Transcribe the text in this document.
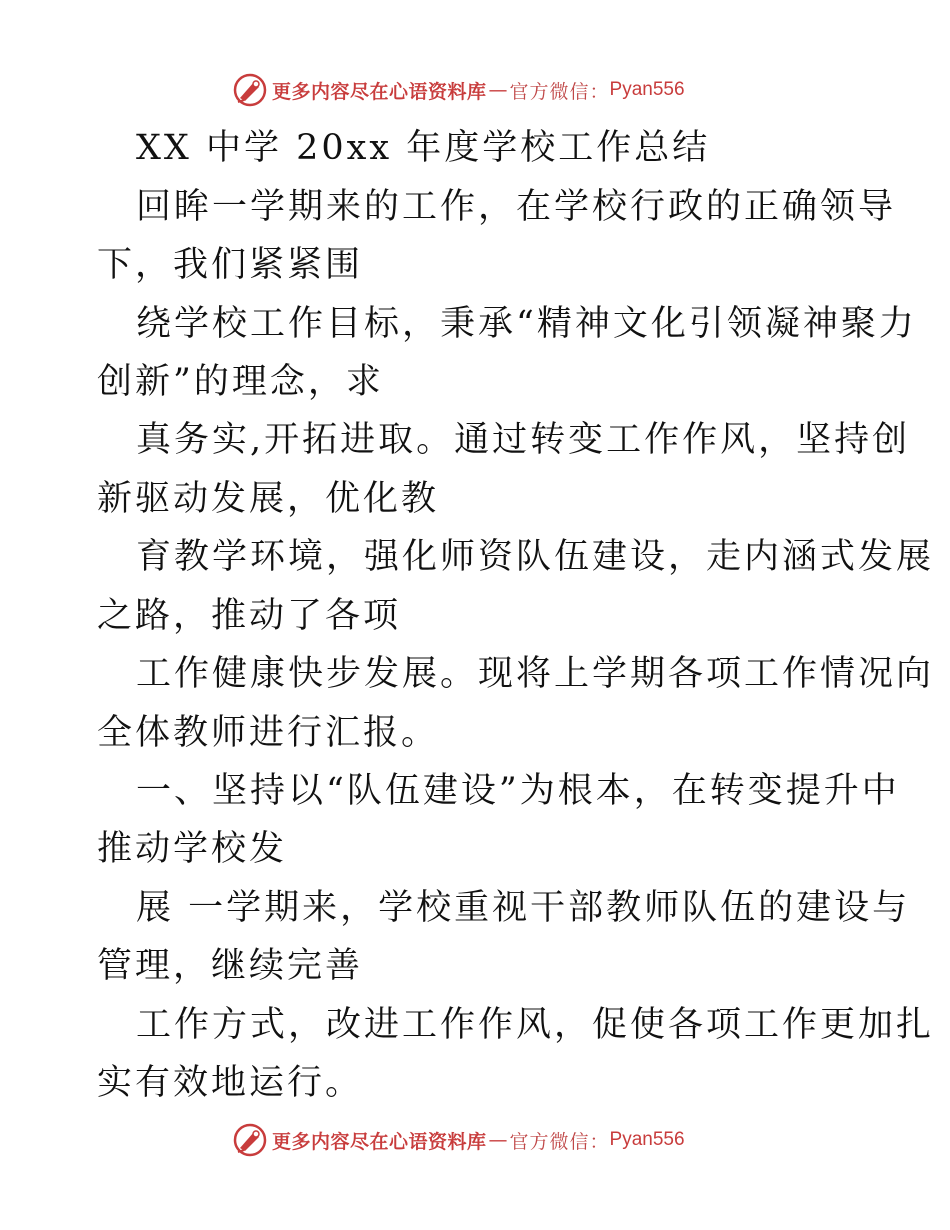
更多内容尽在心语资料库 — 官方微信： Pyan556
XX 中学 20xx 年度学校工作总结
回眸一学期来的工作，在学校行政的正确领导
下，我们紧紧围
绕学校工作目标，秉承“精神文化引领凝神聚力
创新”的理念，求
真务实,开拓进取。通过转变工作作风，坚持创
新驱动发展，优化教
育教学环境，强化师资队伍建设，走内涵式发展
之路，推动了各项
工作健康快步发展。现将上学期各项工作情况向
全体教师进行汇报。
一、坚持以“队伍建设”为根本，在转变提升中
推动学校发
展 一学期来，学校重视干部教师队伍的建设与
管理，继续完善
工作方式，改进工作作风，促使各项工作更加扎
实有效地运行。
更多内容尽在心语资料库 — 官方微信： Pyan556
